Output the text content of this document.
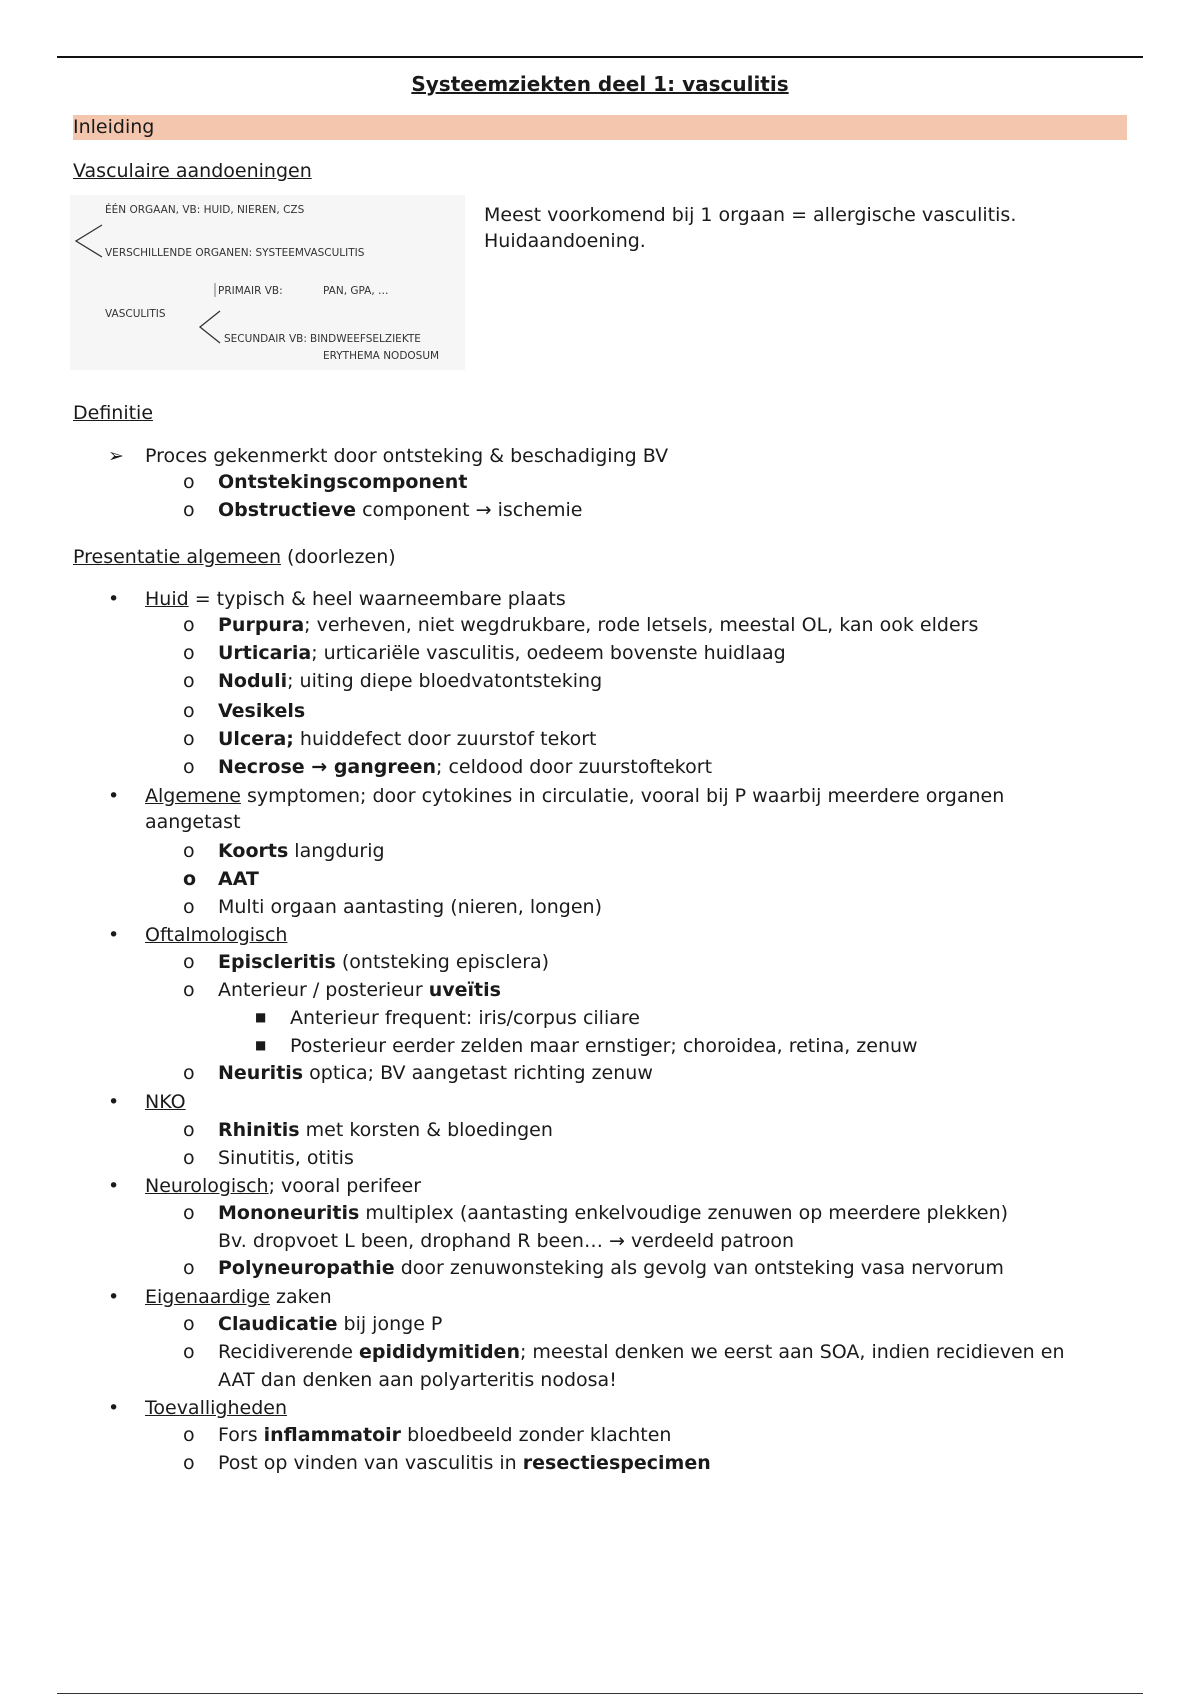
Systeemziekten deel 1: vasculitis
Inleiding
Vasculaire aandoeningen
ÉÉN ORGAAN, VB: HUID, NIEREN, CZS
VERSCHILLENDE ORGANEN: SYSTEEMVASCULITIS
PRIMAIR VB:	PAN, GPA, …
VASCULITIS
SECUNDAIR VB: BINDWEEFSELZIEKTE
ERYTHEMA NODOSUM
Meest voorkomend bij 1 orgaan = allergische vasculitis.
Huidaandoening.
Definitie
➢ Proces gekenmerkt door ontsteking & beschadiging BV
o Ontstekingscomponent
o Obstructieve component → ischemie
Presentatie algemeen (doorlezen)
• Huid = typisch & heel waarneembare plaats
o Purpura; verheven, niet wegdrukbare, rode letsels, meestal OL, kan ook elders
o Urticaria; urticariële vasculitis, oedeem bovenste huidlaag
o Noduli; uiting diepe bloedvatontsteking
o Vesikels
o Ulcera; huiddefect door zuurstof tekort
o Necrose → gangreen; celdood door zuurstoftekort
• Algemene symptomen; door cytokines in circulatie, vooral bij P waarbij meerdere organen
aangetast
o Koorts langdurig
o AAT
o Multi orgaan aantasting (nieren, longen)
• Oftalmologisch
o Episcleritis (ontsteking episclera)
o Anterieur / posterieur uveïtis
■ Anterieur frequent: iris/corpus ciliare
■ Posterieur eerder zelden maar ernstiger; choroidea, retina, zenuw
o Neuritis optica; BV aangetast richting zenuw
• NKO
o Rhinitis met korsten & bloedingen
o Sinutitis, otitis
• Neurologisch; vooral perifeer
o Mononeuritis multiplex (aantasting enkelvoudige zenuwen op meerdere plekken)
Bv. dropvoet L been, drophand R been… → verdeeld patroon
o Polyneuropathie door zenuwonsteking als gevolg van ontsteking vasa nervorum
• Eigenaardige zaken
o Claudicatie bij jonge P
o Recidiverende epididymitiden; meestal denken we eerst aan SOA, indien recidieven en
AAT dan denken aan polyarteritis nodosa!
• Toevalligheden
o Fors inflammatoir bloedbeeld zonder klachten
o Post op vinden van vasculitis in resectiespecimen
